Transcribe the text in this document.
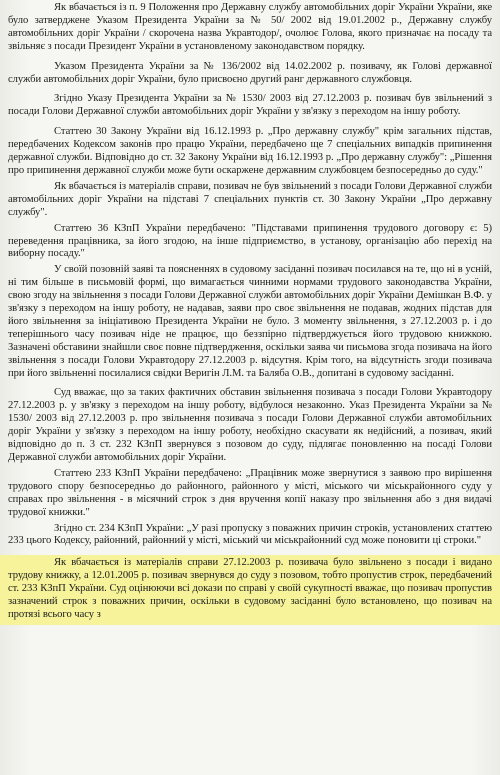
Як вбачається із п. 9 Положення про Державну службу автомобільних доріг України України, яке було затверджене Указом Президента України за № 50/ 2002 від 19.01.2002 р., Державну службу автомобільних доріг України / скорочена назва Укравтодор/, очолює Голова, якого призначає на посаду та звільняє з посади Президент України в установленому законодавством порядку.

Указом Президента України за № 136/2002 від 14.02.2002 р. позивачу, як Голові державної служби автомобільних доріг України, було присвоєно другий ранг державного службовця.

Згідно Указу Президента України за № 1530/ 2003 від 27.12.2003 р. позивач був звільнений з посади Голови Державної служби автомобільних доріг України у зв'язку з переходом на іншу роботу.

Статтею 30 Закону України від 16.12.1993 р. „Про державну службу" крім загальних підстав, передбачених Кодексом законів про працю України, передбачено ще 7 спеціальних випадків припинення державної служби. Відповідно до ст. 32 Закону України від 16.12.1993 р. „Про державну службу": „Рішення про припинення державної служби може бути оскаржене державним службовцем безпосередньо до суду."

Як вбачається із матеріалів справи, позивач не був звільнений з посади Голови Державної служби автомобільних доріг України на підставі 7 спеціальних пунктів ст. 30 Закону України „Про державну службу".

Статтею 36 КЗпП України передбачено: "Підставами припинення трудового договору є: 5) переведення працівника, за його згодою, на інше підприємство, в установу, організацію або перехід на виборну посаду."

У своїй позовній заяві та поясненнях в судовому засіданні позивач посилався на те, що ні в усній, ні тим більше в письмовій формі, що вимагається чинними нормами трудового законодавства України, свою згоду на звільнення з посади Голови Державної служби автомобільних доріг України Демішкан В.Ф. у зв'язку з переходом на іншу роботу, не надавав, заяви про своє звільнення не подавав, жодних підстав для його звільнення за ініціативою Президента України не було. З моменту звільнення, з 27.12.2003 р. і до теперішнього часу позивач ніде не працює, що беззпірно підтверджується його трудовою книжкою. Зазначені обставини знайшли своє повне підтвердження, оскільки заява чи письмова згода позивача на його звільнення з посади Голови Укравтодору 27.12.2003 р. відсутня. Крім того, на відсутність згоди позивача при його звільненні посилалися свідки Веригін Л.М. та Баляба О.В., допитані в судовому засіданні.

Суд вважає, що за таких фактичних обставин звільнення позивача з посади Голови Укравтодору 27.12.2003 р. у зв'язку з переходом на іншу роботу, відбулося незаконно. Указ Президента України за № 1530/ 2003 від 27.12.2003 р. про звільнення позивача з посади Голови Державної служби автомобільних доріг України у зв'язку з переходом на іншу роботу, необхідно скасувати як недійсний, а позивач, який відповідно до п. 3 ст. 232 КЗпП звернувся з позовом до суду, підлягає поновленню на посаді Голови Державної служби автомобільних доріг України.

Статтею 233 КЗпП України передбачено: „Працівник може звернутися з заявою про вирішення трудового спору безпосередньо до районного, районного у місті, міського чи міськрайонного суду у справах про звільнення - в місячний строк з дня вручення копії наказу про звільнення або з дня видачі трудової книжки."

Згідно ст. 234 КЗпП України: „У разі пропуску з поважних причин строків, установлених статтею 233 цього Кодексу, районний, районний у місті, міський чи міськрайонний суд може поновити ці строки."

Як вбачається із матеріалів справи 27.12.2003 р. позивача було звільнено з посади і видано трудову книжку, а 12.01.2005 р. позивач звернувся до суду з позовом, тобто пропустив строк, передбачений ст. 233 КЗпП України. Суд оцінюючи всі докази по справі у своїй сукупності вважає, що позивач пропустив зазначений строк з поважних причин, оскільки в судовому засіданні було встановлено, що позивач на протязі всього часу з
